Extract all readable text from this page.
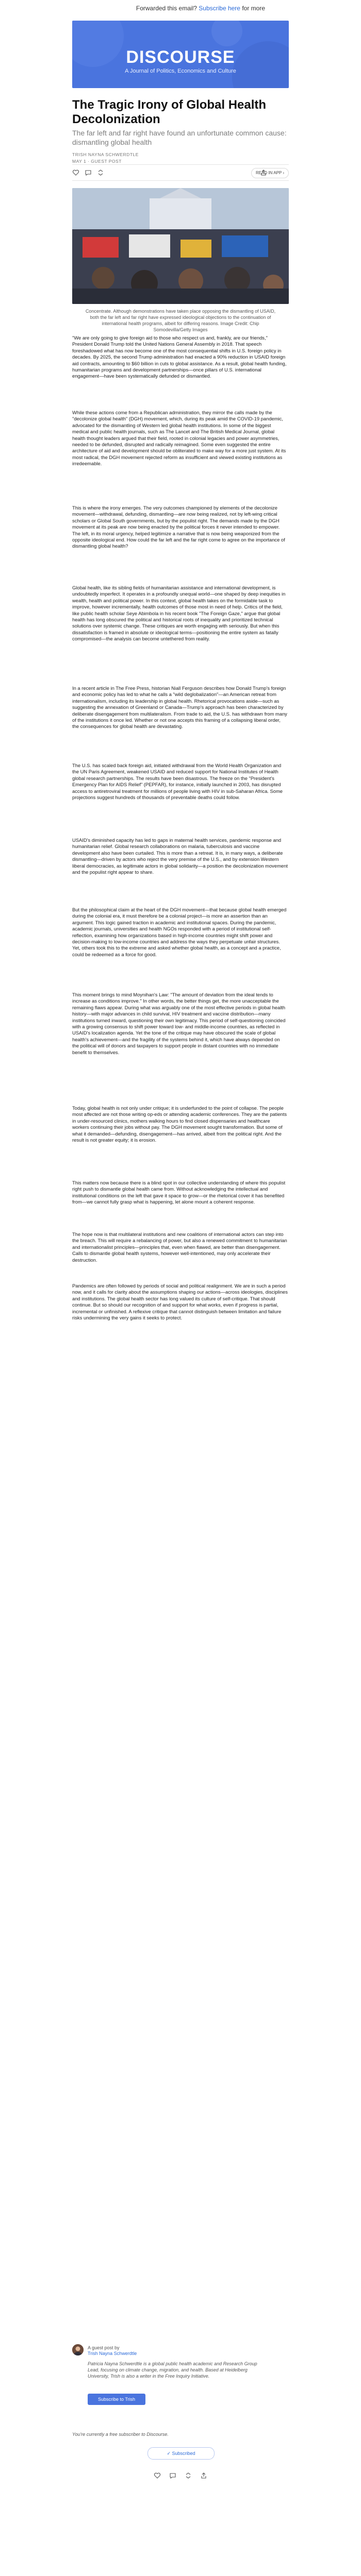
Forwarded this email? Subscribe here for more
DISCOURSE
A Journal of Politics, Economics and Culture
The Tragic Irony of Global Health Decolonization

The far left and far right have found an unfortunate common cause: dismantling global health

TRISH NAYNA SCHWERDTLE
MAY 1 · GUEST POST
READ IN APP ›
Concentrate. Although demonstrations have taken place opposing the dismantling of USAID, both the far left and far right have expressed ideological objections to the continuation of international health programs, albeit for differing reasons. Image Credit: Chip Somodevilla/Getty Images

"We are only going to give foreign aid to those who respect us and, frankly, are our friends," President Donald Trump told the United Nations General Assembly in 2018. That speech foreshadowed what has now become one of the most consequential shifts in U.S. foreign policy in decades. By 2025, the second Trump administration had enacted a 90% reduction in USAID foreign aid contracts, amounting to $60 billion in cuts to global assistance. As a result, global health funding, humanitarian programs and development partnerships—once pillars of U.S. international engagement—have been systematically defunded or dismantled.

While these actions come from a Republican administration, they mirror the calls made by the "decolonize global health" (DGH) movement, which, during its peak amid the COVID-19 pandemic, advocated for the dismantling of Western led global health institutions. In some of the biggest medical and public health journals, such as The Lancet and The British Medical Journal, global health thought leaders argued that their field, rooted in colonial legacies and power asymmetries, needed to be defunded, disrupted and radically reimagined. Some even suggested the entire architecture of aid and development should be obliterated to make way for a more just system. At its most radical, the DGH movement rejected reform as insufficient and viewed existing institutions as irredeemable.

This is where the irony emerges. The very outcomes championed by elements of the decolonize movement—withdrawal, defunding, dismantling—are now being realized, not by left-wing critical scholars or Global South governments, but by the populist right. The demands made by the DGH movement at its peak are now being enacted by the political forces it never intended to empower. The left, in its moral urgency, helped legitimize a narrative that is now being weaponized from the opposite ideological end. How could the far left and the far right come to agree on the importance of dismantling global health?

Global health, like its sibling fields of humanitarian assistance and international development, is undoubtedly imperfect. It operates in a profoundly unequal world—one shaped by deep inequities in wealth, health and political power. In this context, global health takes on the formidable task to improve, however incrementally, health outcomes of those most in need of help. Critics of the field, like public health scholar Seye Abimbola in his recent book "The Foreign Gaze," argue that global health has long obscured the political and historical roots of inequality and prioritized technical solutions over systemic change. These critiques are worth engaging with seriously. But when this dissatisfaction is framed in absolute or ideological terms—positioning the entire system as fatally compromised—the analysis can become untethered from reality.

In a recent article in The Free Press, historian Niall Ferguson describes how Donald Trump's foreign and economic policy has led to what he calls a "wild deglobalization"—an American retreat from internationalism, including its leadership in global health. Rhetorical provocations aside—such as suggesting the annexation of Greenland or Canada—Trump's approach has been characterized by deliberate disengagement from multilateralism. From trade to aid, the U.S. has withdrawn from many of the institutions it once led. Whether or not one accepts this framing of a collapsing liberal order, the consequences for global health are devastating.

The U.S. has scaled back foreign aid, initiated withdrawal from the World Health Organization and the UN Paris Agreement, weakened USAID and reduced support for National Institutes of Health global research partnerships. The results have been disastrous. The freeze on the "President's Emergency Plan for AIDS Relief" (PEPFAR), for instance, initially launched in 2003, has disrupted access to antiretroviral treatment for millions of people living with HIV in sub-Saharan Africa. Some projections suggest hundreds of thousands of preventable deaths could follow.

USAID's diminished capacity has led to gaps in maternal health services, pandemic response and humanitarian relief. Global research collaborations on malaria, tuberculosis and vaccine development also have been curtailed. This is more than a retreat. It is, in many ways, a deliberate dismantling—driven by actors who reject the very premise of the U.S., and by extension Western liberal democracies, as legitimate actors in global solidarity—a position the decolonization movement and the populist right appear to share.

But the philosophical claim at the heart of the DGH movement—that because global health emerged during the colonial era, it must therefore be a colonial project—is more an assertion than an argument. This logic gained traction in academic and institutional spaces. During the pandemic, academic journals, universities and health NGOs responded with a period of institutional self-reflection, examining how organizations based in high-income countries might shift power and decision-making to low-income countries and address the ways they perpetuate unfair structures. Yet, others took this to the extreme and asked whether global health, as a concept and a practice, could be redeemed as a force for good.

This moment brings to mind Moynihan's Law: "The amount of deviation from the ideal tends to increase as conditions improve." In other words, the better things get, the more unacceptable the remaining flaws appear. During what was arguably one of the most effective periods in global health history—with major advances in child survival, HIV treatment and vaccine distribution—many institutions turned inward, questioning their own legitimacy. This period of self-questioning coincided with a growing consensus to shift power toward low- and middle-income countries, as reflected in USAID's localization agenda. Yet the tone of the critique may have obscured the scale of global health's achievement—and the fragility of the systems behind it, which have always depended on the political will of donors and taxpayers to support people in distant countries with no immediate benefit to themselves.

Today, global health is not only under critique; it is underfunded to the point of collapse. The people most affected are not those writing op-eds or attending academic conferences. They are the patients in under-resourced clinics, mothers walking hours to find closed dispensaries and healthcare workers continuing their jobs without pay. The DGH movement sought transformation. But some of what it demanded—defunding, disengagement—has arrived, albeit from the political right. And the result is not greater equity; it is erosion.

This matters now because there is a blind spot in our collective understanding of where this populist right push to dismantle global health came from. Without acknowledging the intellectual and institutional conditions on the left that gave it space to grow—or the rhetorical cover it has benefited from—we cannot fully grasp what is happening, let alone mount a coherent response.

The hope now is that multilateral institutions and new coalitions of international actors can step into the breach. This will require a rebalancing of power, but also a renewed commitment to humanitarian and internationalist principles—principles that, even when flawed, are better than disengagement. Calls to dismantle global health systems, however well-intentioned, may only accelerate their destruction.

Pandemics are often followed by periods of social and political realignment. We are in such a period now, and it calls for clarity about the assumptions shaping our actions—across ideologies, disciplines and institutions. The global health sector has long valued its culture of self-critique. That should continue. But so should our recognition of and support for what works, even if progress is partial, incremental or unfinished. A reflexive critique that cannot distinguish between limitation and failure risks undermining the very gains it seeks to protect.

A guest post by
Trish Nayna Schwerdtle
Patricia Nayna Schwerdtle is a global public health academic and Research Group Lead, focusing on climate change, migration, and health. Based at Heidelberg University, Trish is also a writer in the Free Inquiry Initiative.
Subscribe to Trish
You're currently a free subscriber to Discourse.
✓ Subscribed
